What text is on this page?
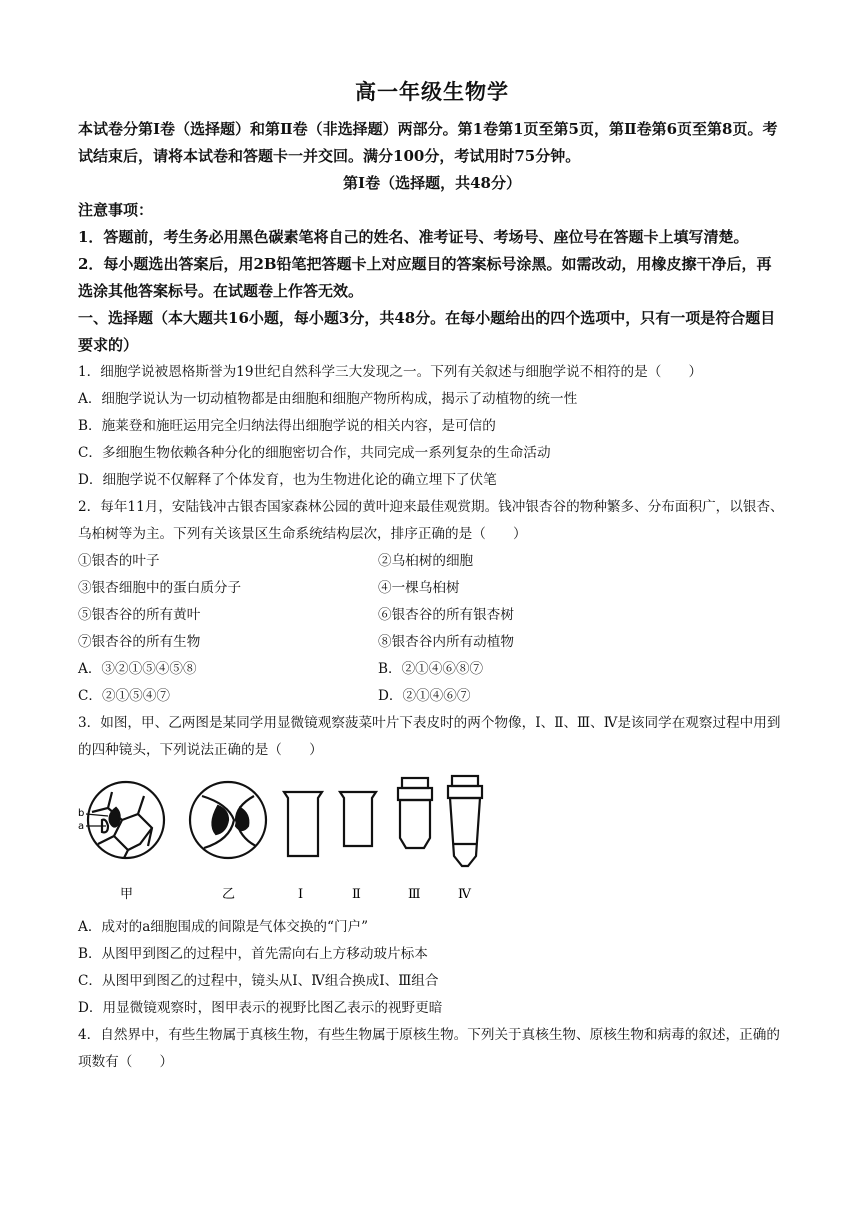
高一年级生物学
本试卷分第Ⅰ卷（选择题）和第Ⅱ卷（非选择题）两部分。第1卷第1页至第5页，第Ⅱ卷第6页至第8页。考试结束后，请将本试卷和答题卡一并交回。满分100分，考试用时75分钟。
第Ⅰ卷（选择题，共48分）
注意事项：
1．答题前，考生务必用黑色碳素笔将自己的姓名、准考证号、考场号、座位号在答题卡上填写清楚。
2．每小题选出答案后，用2B铅笔把答题卡上对应题目的答案标号涂黑。如需改动，用橡皮擦干净后，再选涂其他答案标号。在试题卷上作答无效。
一、选择题（本大题共16小题，每小题3分，共48分。在每小题给出的四个选项中，只有一项是符合题目要求的）
1．细胞学说被恩格斯誉为19世纪自然科学三大发现之一。下列有关叙述与细胞学说不相符的是（　　）
A．细胞学说认为一切动植物都是由细胞和细胞产物所构成，揭示了动植物的统一性
B．施莱登和施旺运用完全归纳法得出细胞学说的相关内容，是可信的
C．多细胞生物依赖各种分化的细胞密切合作，共同完成一系列复杂的生命活动
D．细胞学说不仅解释了个体发育，也为生物进化论的确立埋下了伏笔
2．每年11月，安陆钱冲古银杏国家森林公园的黄叶迎来最佳观赏期。钱冲银杏谷的物种繁多、分布面积广，以银杏、乌桕树等为主。下列有关该景区生命系统结构层次，排序正确的是（　　）
①银杏的叶子	②乌桕树的细胞
③银杏细胞中的蛋白质分子	④一棵乌桕树
⑤银杏谷的所有黄叶	⑥银杏谷的所有银杏树
⑦银杏谷的所有生物	⑧银杏谷内所有动植物
A．③②①⑤④⑤⑧	B．②①④⑥⑧⑦
C．②①⑤④⑦	D．②①④⑥⑦
3．如图，甲、乙两图是某同学用显微镜观察菠菜叶片下表皮时的两个物像，Ⅰ、Ⅱ、Ⅲ、Ⅳ是该同学在观察过程中用到的四种镜头，下列说法正确的是（　　）
b
a
甲	乙	Ⅰ	Ⅱ	Ⅲ	Ⅳ
A．成对的a细胞围成的间隙是气体交换的“门户”
B．从图甲到图乙的过程中，首先需向右上方移动玻片标本
C．从图甲到图乙的过程中，镜头从Ⅰ、Ⅳ组合换成Ⅰ、Ⅲ组合
D．用显微镜观察时，图甲表示的视野比图乙表示的视野更暗
4．自然界中，有些生物属于真核生物，有些生物属于原核生物。下列关于真核生物、原核生物和病毒的叙述，正确的项数有（　　）
